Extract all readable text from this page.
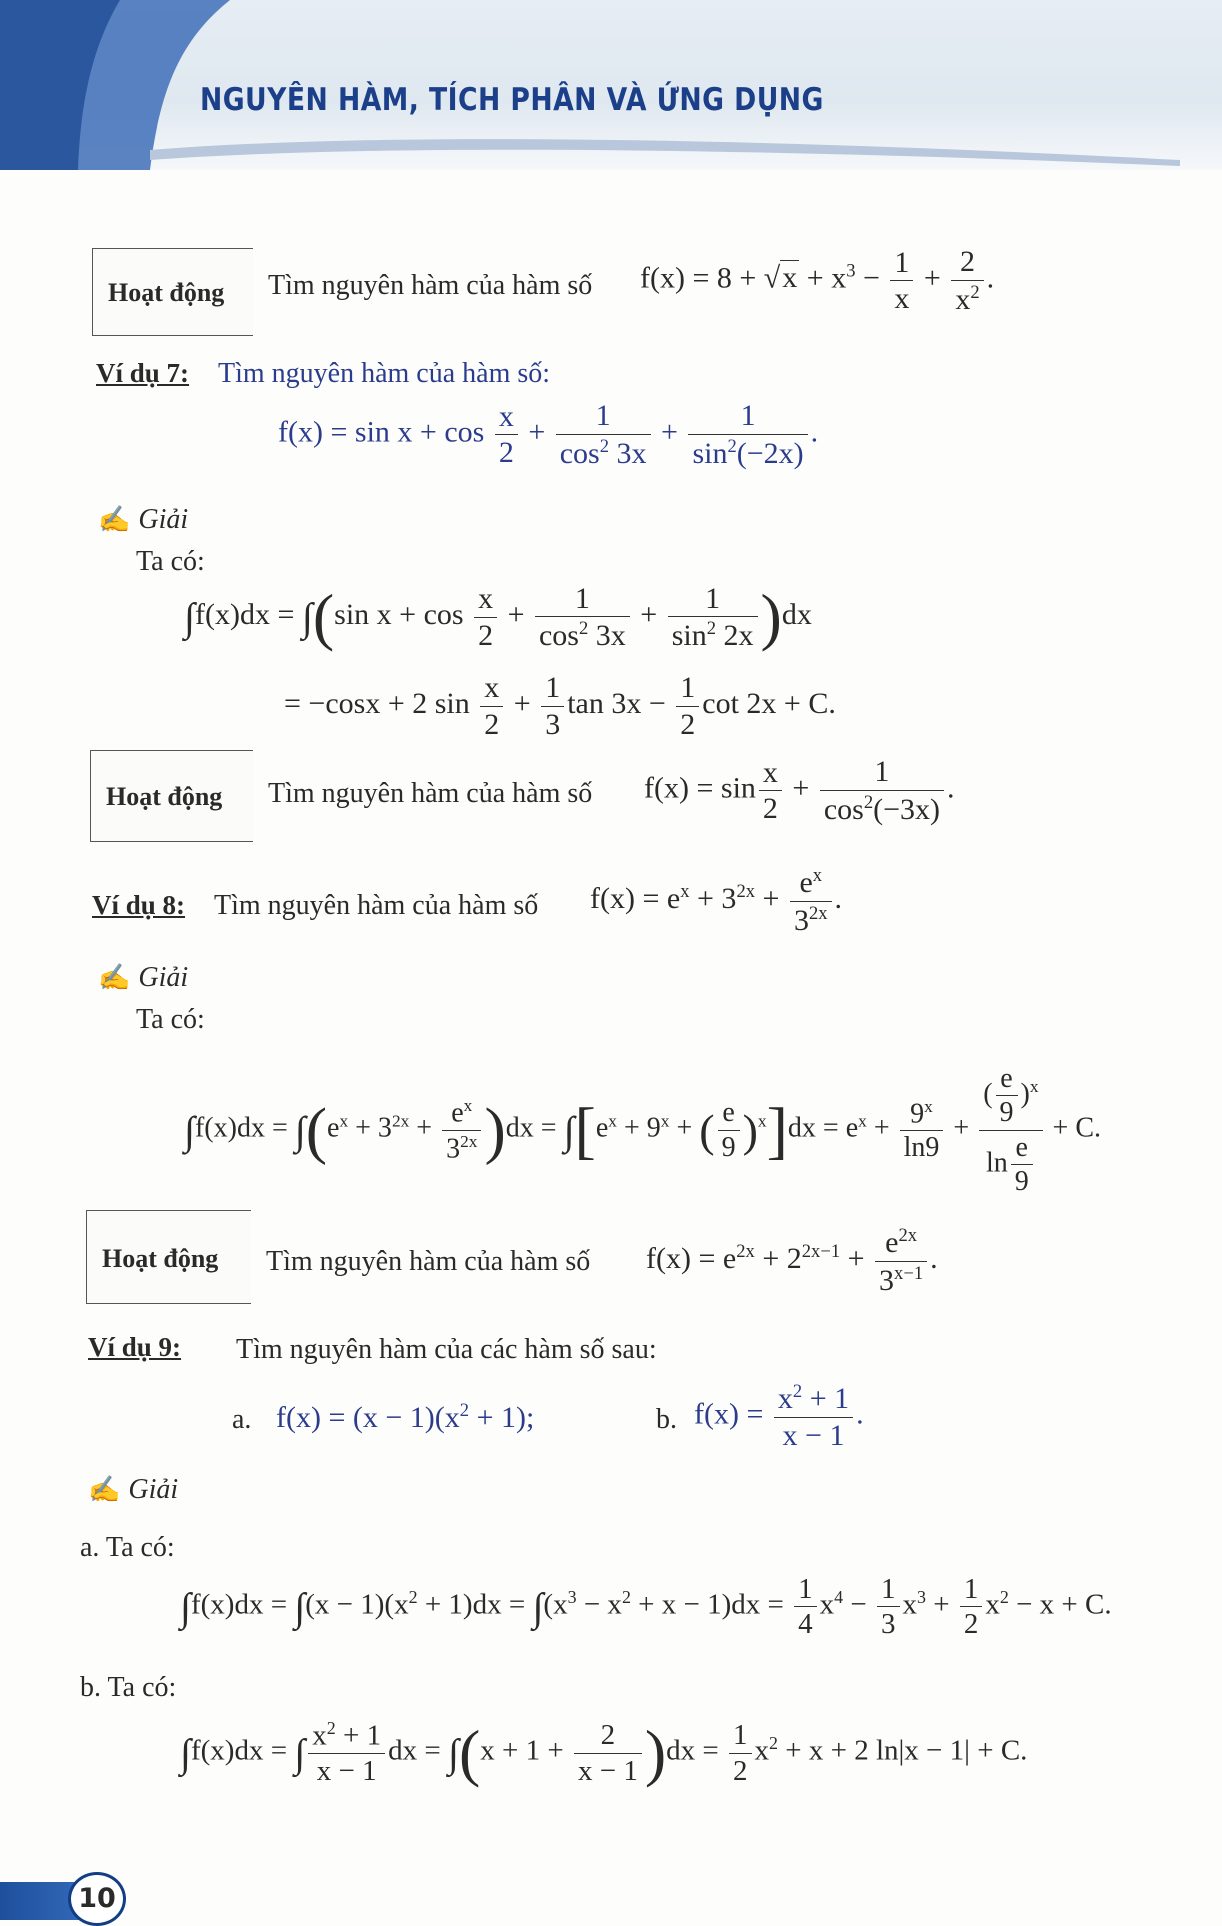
NGUYÊN HÀM, TÍCH PHÂN VÀ ỨNG DỤNG
Hoạt động Tìm nguyên hàm của hàm số $f(x) = 8 + √x + x^3 - \frac{1}{x} + \frac{2}{x^2}$ .
Ví dụ 7: Tìm nguyên hàm của hàm số:
$f(x) = \sin x + \cos \frac{x}{2} + \frac{1}{\cos^2 3x} + \frac{1}{\sin^2(-2x)}$ .
✍ Giải
Ta có:
∫f(x)dx = ∫(sin $x + \cos \frac{x}{2} + \frac{1}{\cos^2 3x} + \frac{1}{\sin^2 2x} )dx$
= −cosx + 2 $\sin \frac{x}{2} + \frac{1}{3}$ $\tan 3x - \frac{1}{2}$ cot 2x + C.
Hoạt động Tìm nguyên hàm của hàm số $f(x) = \sin \frac{x}{2} + \frac{1}{\cos^2(-3x)}$ .
Ví dụ 8: Tìm nguyên hàm của hàm số $f(x) = e^x + 3^{2x} + \frac{e^x}{3^{2x}}$ .
✍ Giải
Ta có:
$\int f(x)dx = \int(e^x + 3^{2x} + \frac{e^x}{3^{2x}} )dx = \int[e^x + 9^x$ + ( $\frac{e}{9} )^x]dx = e^x + \frac{9^x}{\ln 9} + \frac{( \frac{e}{9} )^x}{\ln \frac{e}{9}} + C$.
Hoạt động Tìm nguyên hàm của hàm số $f(x) = e^{2x} + 2^{2x-1} + \frac{e^{2x}}{3^{x-1}}$ .
Ví dụ 9: Tìm nguyên hàm của các hàm số sau:
a. $f(x) = (x - 1)(x^2 + 1)$;	b. $f(x) = \frac{x^2 + 1}{x - 1}$ .
✍ Giải
a. Ta có:
$\int f(x)dx = \int(x - 1)(x^2 + 1)dx = \int(x^3 - x^2 + x - 1)dx = \frac{1}{4} x^4 - \frac{1}{3} x^3 + \frac{1}{2} x^2 - x + C$.
b. Ta có:
∫f(x)dx = ∫ $\frac{x^2 + 1}{x - 1}$ dx = $\int(x + 1 + \frac{2}{x - 1} )dx = \frac{1}{2} x^2 + x + 2$ ln|x − 1| + C.
10
